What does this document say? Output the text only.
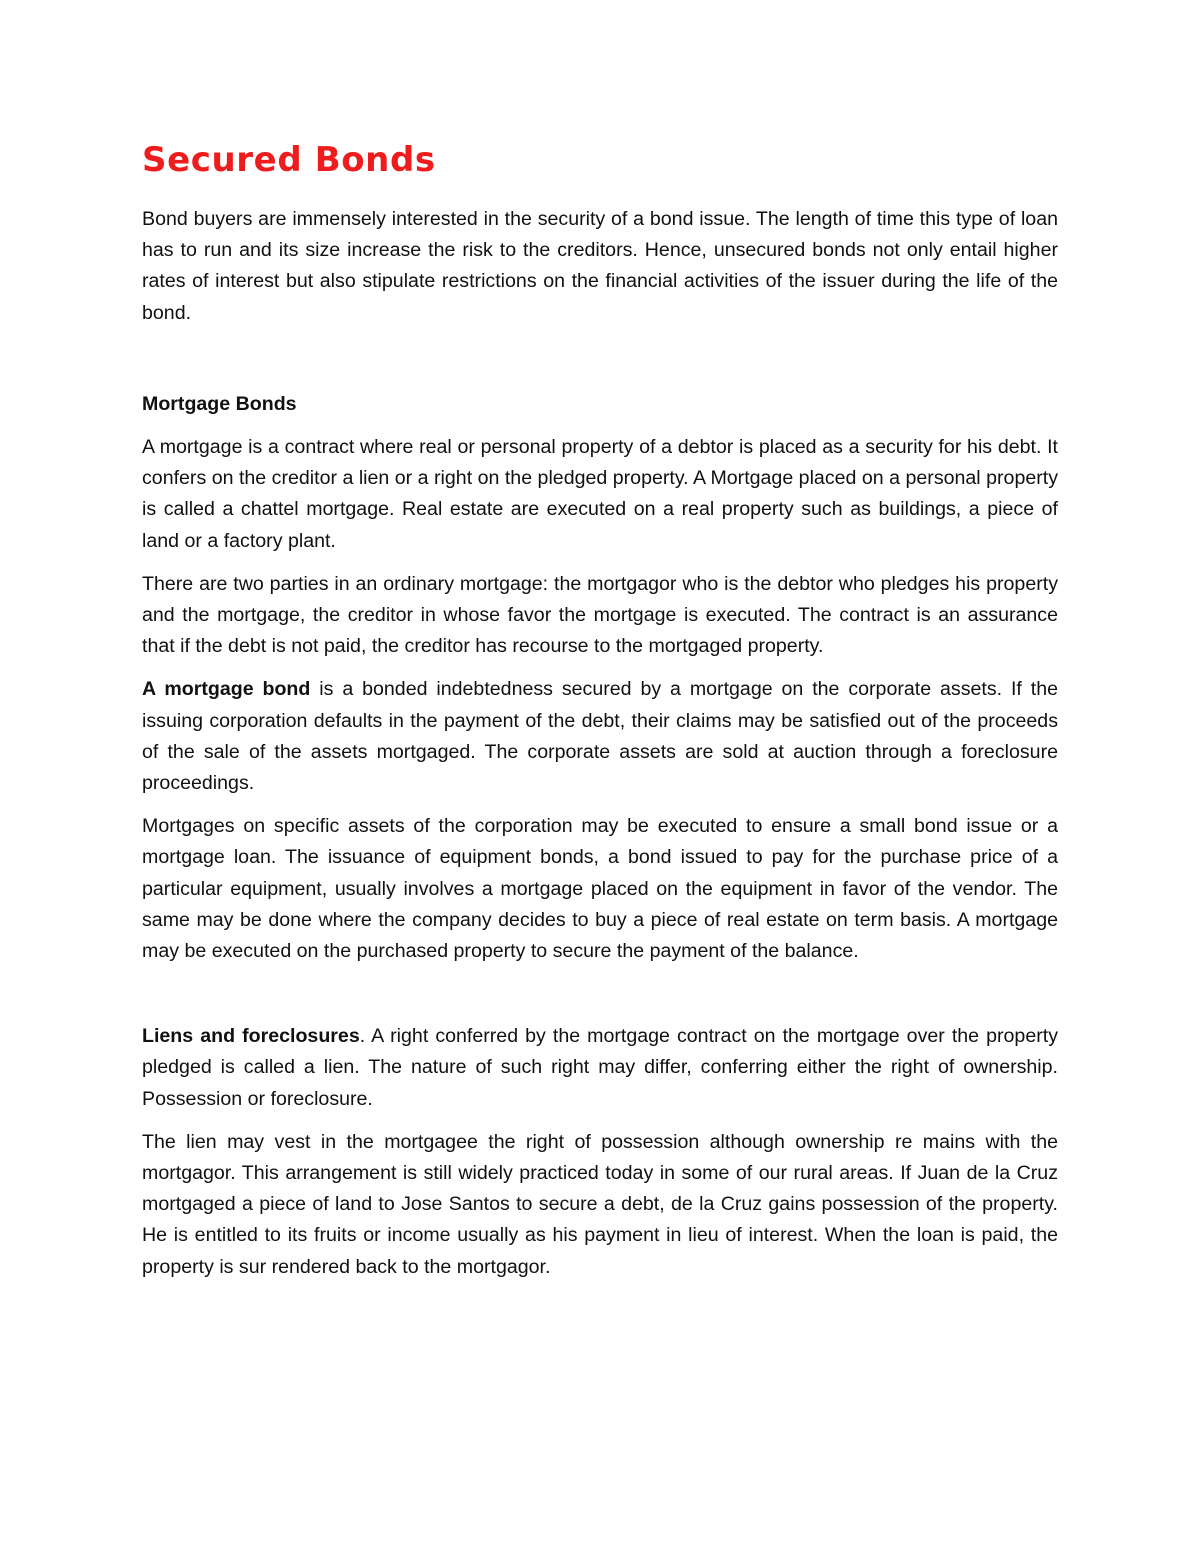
Secured Bonds

Bond buyers are immensely interested in the security of a bond issue. The length of time this type of loan has to run and its size increase the risk to the creditors. Hence, unsecured bonds not only entail higher rates of interest but also stipulate restrictions on the financial activities of the issuer during the life of the bond.

Mortgage Bonds

A mortgage is a contract where real or personal property of a debtor is placed as a security for his debt. It confers on the creditor a lien or a right on the pledged property. A Mortgage placed on a personal property is called a chattel mortgage. Real estate are executed on a real property such as buildings, a piece of land or a factory plant.

There are two parties in an ordinary mortgage: the mortgagor who is the debtor who pledges his property and the mortgage, the creditor in whose favor the mortgage is executed. The contract is an assurance that if the debt is not paid, the creditor has recourse to the mortgaged property.

A mortgage bond is a bonded indebtedness secured by a mortgage on the corporate assets. If the issuing corporation defaults in the payment of the debt, their claims may be satisfied out of the proceeds of the sale of the assets mortgaged. The corporate assets are sold at auction through a foreclosure proceedings.

Mortgages on specific assets of the corporation may be executed to ensure a small bond issue or a mortgage loan. The issuance of equipment bonds, a bond issued to pay for the purchase price of a particular equipment, usually involves a mortgage placed on the equipment in favor of the vendor. The same may be done where the company decides to buy a piece of real estate on term basis. A mortgage may be executed on the purchased property to secure the payment of the balance.

Liens and foreclosures. A right conferred by the mortgage contract on the mortgage over the property pledged is called a lien. The nature of such right may differ, conferring either the right of ownership. Possession or foreclosure.

The lien may vest in the mortgagee the right of possession although ownership re mains with the mortgagor. This arrangement is still widely practiced today in some of our rural areas. If Juan de la Cruz mortgaged a piece of land to Jose Santos to secure a debt, de la Cruz gains possession of the property. He is entitled to its fruits or income usually as his payment in lieu of interest. When the loan is paid, the property is sur rendered back to the mortgagor.
